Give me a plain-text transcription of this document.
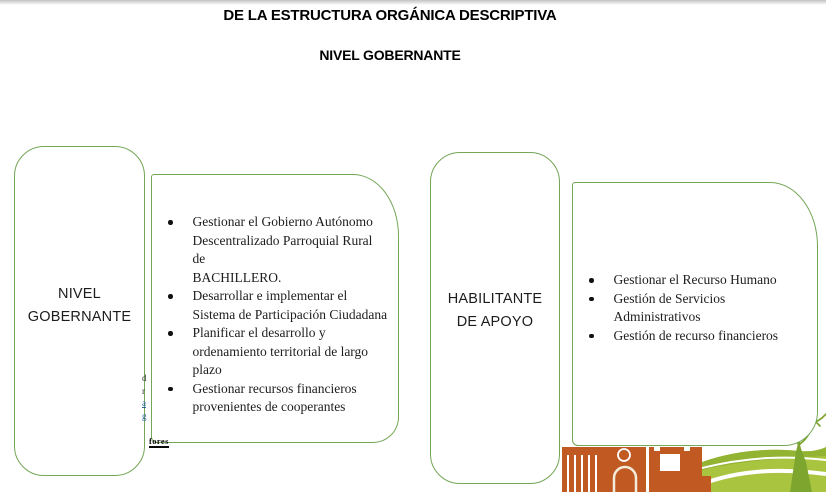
DE LA ESTRUCTURA ORGÁNICA DESCRIPTIVA
NIVEL GOBERNANTE
NIVEL
GOBERNANTE
Gestionar el Gobierno Autónomo
Descentralizado Parroquial Rural de
BACHILLERO.
Desarrollar e implementar el
Sistema de Participación Ciudadana
Planificar el desarrollo y
ordenamiento territorial de largo
plazo
Gestionar recursos financieros
provenientes de cooperantes
HABILITANTE
DE APOYO
Gestionar el Recurso Humano
Gestión de Servicios
Administrativos
Gestión de recurso financieros
d
r
a
g
fores
